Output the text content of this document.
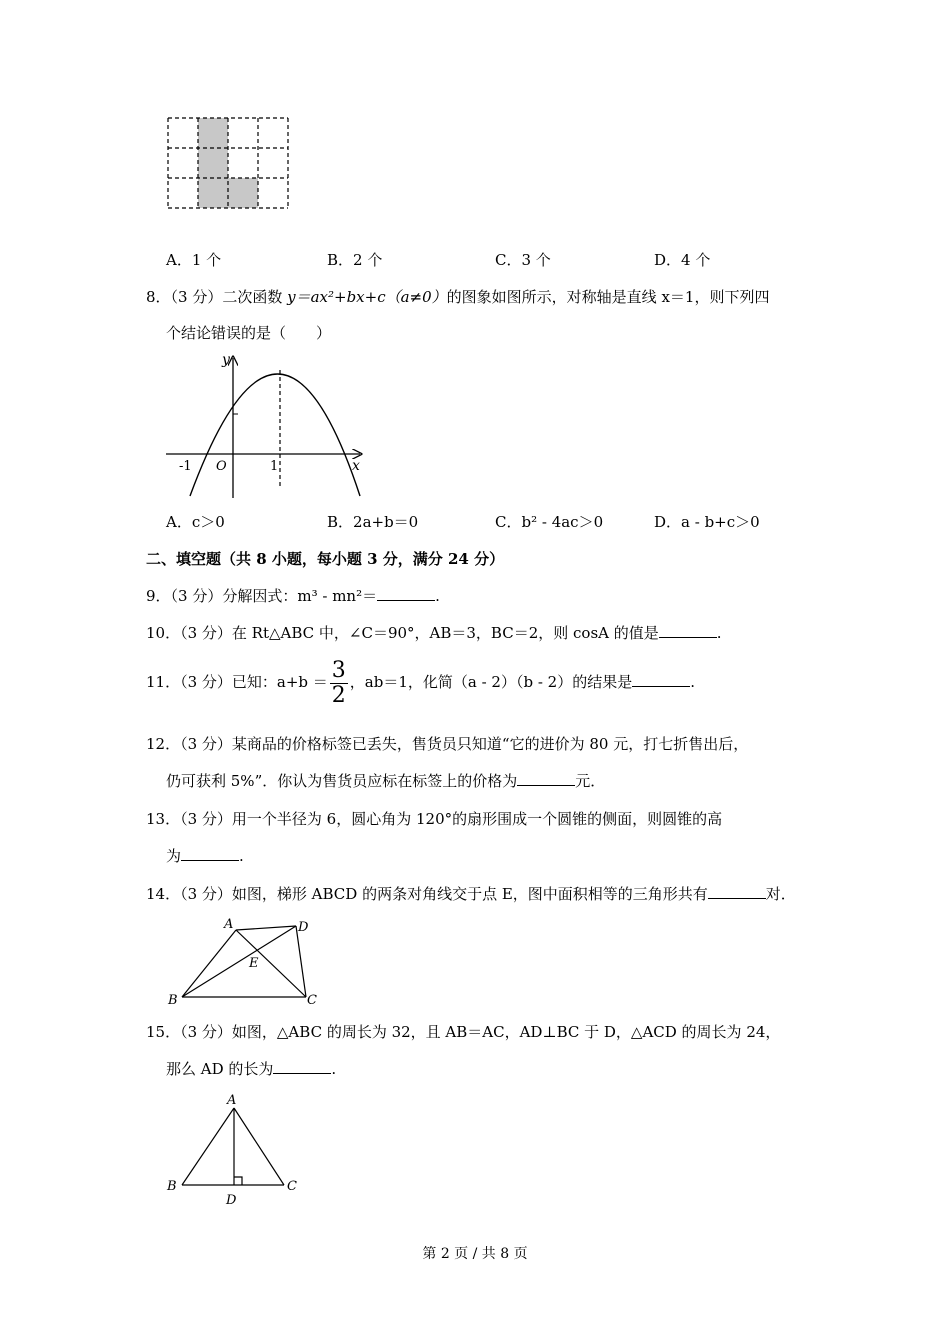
A．1 个	B．2 个	C．3 个	D．4 个
8．（3 分）二次函数 y＝ax²+bx+c（a≠0）的图象如图所示，对称轴是直线 x＝1，则下列四
个结论错误的是（　　）
y
x
-1 O	1
A．c＞0	B．2a+b＝0	C．b² - 4ac＞0	D．a - b+c＞0
二、填空题（共 8 小题，每小题 3 分，满分 24 分）
9．（3 分）分解因式：m³ - mn²＝	.
10．（3 分）在 Rt△ABC 中，∠C＝90°，AB＝3，BC＝2，则 cosA 的值是	.
11．（3 分）已知：$a+b = \frac{3}{2}$ ，ab＝1，化简（a - 2）（b - 2）的结果是	.
12．（3 分）某商品的价格标签已丢失，售货员只知道“它的进价为 80 元，打七折售出后，
仍可获利 5%”．你认为售货员应标在标签上的价格为	元．
13．（3 分）用一个半径为 6，圆心角为 120°的扇形围成一个圆锥的侧面，则圆锥的高
为	.
14．（3 分）如图，梯形 ABCD 的两条对角线交于点 E，图中面积相等的三角形共有	对．
A	D
E
B	C
15．（3 分）如图，△ABC 的周长为 32，且 AB＝AC，AD⊥BC 于 D，△ACD 的周长为 24，
那么 AD 的长为	.
A
B	C
D
第 2 页 / 共 8 页
